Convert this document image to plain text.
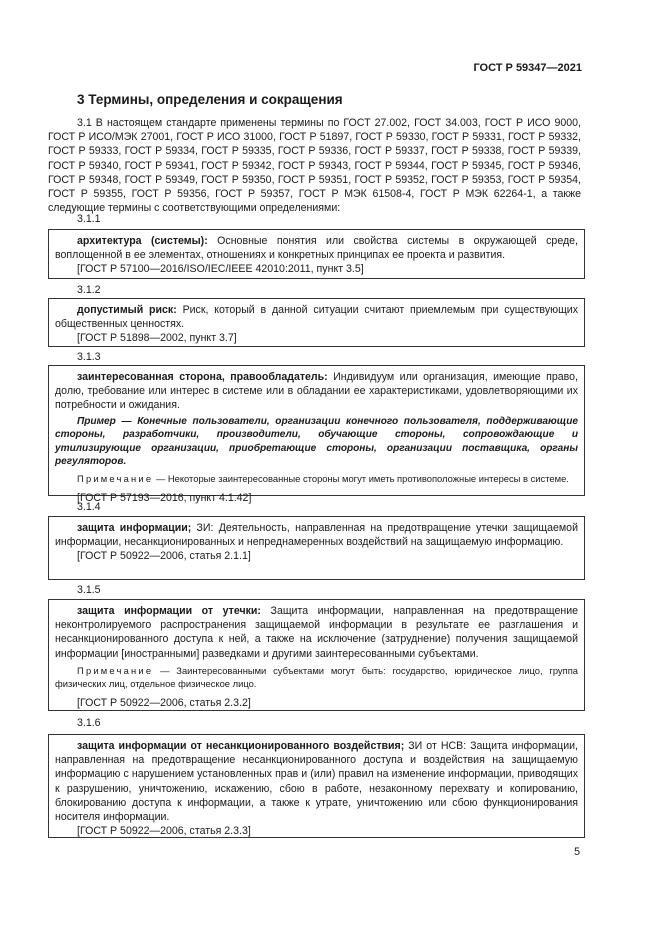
ГОСТ Р 59347—2021
3 Термины, определения и сокращения

3.1 В настоящем стандарте применены термины по ГОСТ 27.002, ГОСТ 34.003, ГОСТ Р ИСО 9000, ГОСТ Р ИСО/МЭК 27001, ГОСТ Р ИСО 31000, ГОСТ Р 51897, ГОСТ Р 59330, ГОСТ Р 59331, ГОСТ Р 59332, ГОСТ Р 59333, ГОСТ Р 59334, ГОСТ Р 59335, ГОСТ Р 59336, ГОСТ Р 59337, ГОСТ Р 59338, ГОСТ Р 59339, ГОСТ Р 59340, ГОСТ Р 59341, ГОСТ Р 59342, ГОСТ Р 59343, ГОСТ Р 59344, ГОСТ Р 59345, ГОСТ Р 59346, ГОСТ Р 59348, ГОСТ Р 59349, ГОСТ Р 59350, ГОСТ Р 59351, ГОСТ Р 59352, ГОСТ Р 59353, ГОСТ Р 59354, ГОСТ Р 59355, ГОСТ Р 59356, ГОСТ Р 59357, ГОСТ Р МЭК 61508-4, ГОСТ Р МЭК 62264-1, а также следующие термины с соответствующими определениями:

3.1.1

архитектура (системы): Основные понятия или свойства системы в окружающей среде, воплощенной в ее элементах, отношениях и конкретных принципах ее проекта и развития.

[ГОСТ Р 57100—2016/ISO/IEC/IEEE 42010:2011, пункт 3.5]

3.1.2

допустимый риск: Риск, который в данной ситуации считают приемлемым при существующих общественных ценностях.

[ГОСТ Р 51898—2002, пункт 3.7]

3.1.3

заинтересованная сторона, правообладатель: Индивидуум или организация, имеющие право, долю, требование или интерес в системе или в обладании ее характеристиками, удовлетворяющими их потребности и ожидания.

Пример — Конечные пользователи, организации конечного пользователя, поддерживающие стороны, разработчики, производители, обучающие стороны, сопровождающие и утилизирующие организации, приобретающие стороны, организации поставщика, органы регуляторов.

Примечание — Некоторые заинтересованные стороны могут иметь противоположные интересы в системе.

[ГОСТ Р 57193—2016, пункт 4.1.42]

3.1.4

защита информации; ЗИ: Деятельность, направленная на предотвращение утечки защищаемой информации, несанкционированных и непреднамеренных воздействий на защищаемую информацию.

[ГОСТ Р 50922—2006, статья 2.1.1]

3.1.5

защита информации от утечки: Защита информации, направленная на предотвращение неконтролируемого распространения защищаемой информации в результате ее разглашения и несанкционированного доступа к ней, а также на исключение (затруднение) получения защищаемой информации [иностранными] разведками и другими заинтересованными субъектами.

Примечание — Заинтересованными субъектами могут быть: государство, юридическое лицо, группа физических лиц, отдельное физическое лицо.

[ГОСТ Р 50922—2006, статья 2.3.2]

3.1.6

защита информации от несанкционированного воздействия; ЗИ от НСВ: Защита информации, направленная на предотвращение несанкционированного доступа и воздействия на защищаемую информацию с нарушением установленных прав и (или) правил на изменение информации, приводящих к разрушению, уничтожению, искажению, сбою в работе, незаконному перехвату и копированию, блокированию доступа к информации, а также к утрате, уничтожению или сбою функционирования носителя информации.

[ГОСТ Р 50922—2006, статья 2.3.3]

5
